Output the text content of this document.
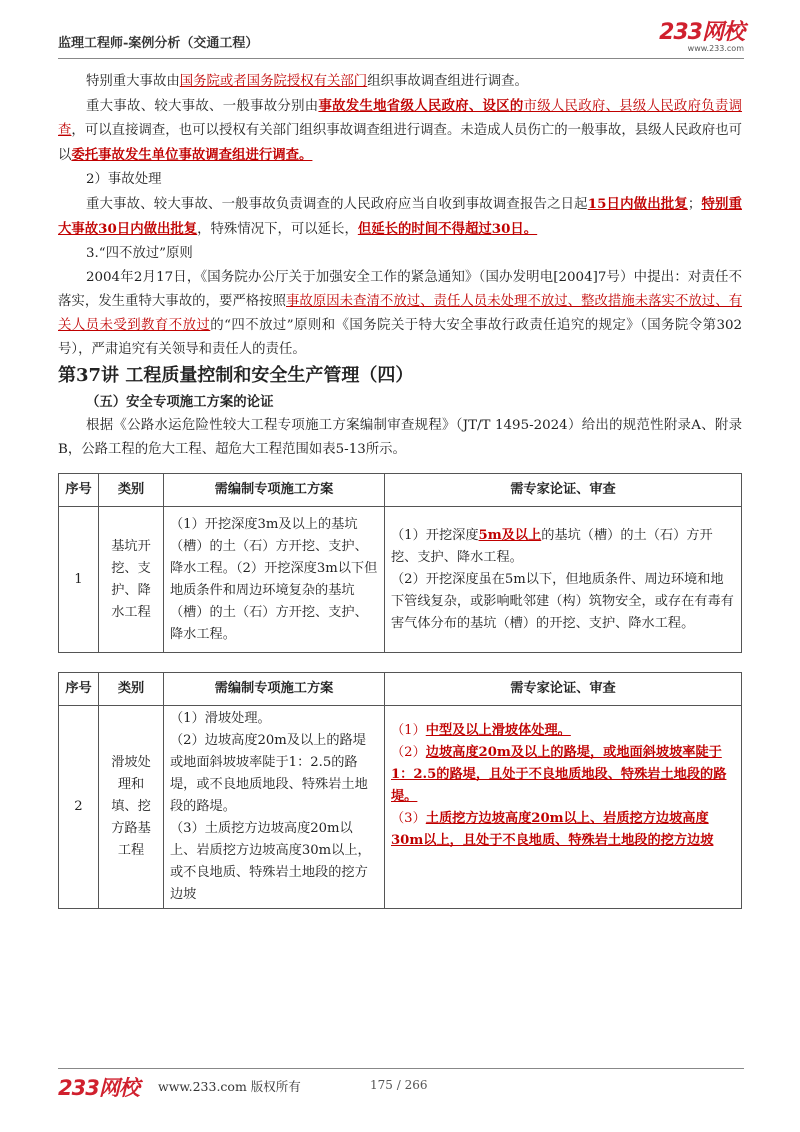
监理工程师-案例分析（交通工程）	233网校
www.233.com

特别重大事故由国务院或者国务院授权有关部门组织事故调查组进行调查。

重大事故、较大事故、一般事故分别由事故发生地省级人民政府、设区的市级人民政府、县级人民政府负责调查，可以直接调查，也可以授权有关部门组织事故调查组进行调查。未造成人员伤亡的一般事故，县级人民政府也可以委托事故发生单位事故调查组进行调查。

2）事故处理

重大事故、较大事故、一般事故负责调查的人民政府应当自收到事故调查报告之日起15日内做出批复；特别重大事故30日内做出批复，特殊情况下，可以延长，但延长的时间不得超过30日。

3.“四不放过”原则

2004年2月17日，《国务院办公厅关于加强安全工作的紧急通知》（国办发明电[2004]7号）中提出：对责任不落实，发生重特大事故的，要严格按照事故原因未查清不放过、责任人员未处理不放过、整改措施未落实不放过、有关人员未受到教育不放过的“四不放过”原则和《国务院关于特大安全事故行政责任追究的规定》（国务院令第302号），严肃追究有关领导和责任人的责任。

第37讲 工程质量控制和安全生产管理（四）

（五）安全专项施工方案的论证

根据《公路水运危险性较大工程专项施工方案编制审查规程》（JT/T 1495-2024）给出的规范性附录A、附录B，公路工程的危大工程、超危大工程范围如表5-13所示。

序号	类别	需编制专项施工方案	需专家论证、审查
1	基坑开挖、支护、降水工程	（1）开挖深度3m及以上的基坑（槽）的土（石）方开挖、支护、降水工程。（2）开挖深度3m以下但地质条件和周边环境复杂的基坑（槽）的土（石）方开挖、支护、降水工程。	（1）开挖深度5m及以上的基坑（槽）的土（石）方开挖、支护、降水工程。
（2）开挖深度虽在5m以下，但地质条件、周边环境和地下管线复杂，或影响毗邻建（构）筑物安全，或存在有毒有害气体分布的基坑（槽）的开挖、支护、降水工程。
序号	类别	需编制专项施工方案	需专家论证、审查
2	滑坡处理和填、挖方路基工程	（1）滑坡处理。
（2）边坡高度20m及以上的路堤或地面斜坡坡率陡于1：2.5的路堤，或不良地质地段、特殊岩土地段的路堤。
（3）土质挖方边坡高度20m以上、岩质挖方边坡高度30m以上，或不良地质、特殊岩土地段的挖方边坡	（1）中型及以上滑坡体处理。
（2）边坡高度20m及以上的路堤，或地面斜坡坡率陡于1：2.5的路堤，且处于不良地质地段、特殊岩土地段的路堤。
（3）土质挖方边坡高度20m以上、岩质挖方边坡高度30m以上，且处于不良地质、特殊岩土地段的挖方边坡
233网校 www.233.com 版权所有	175 / 266
